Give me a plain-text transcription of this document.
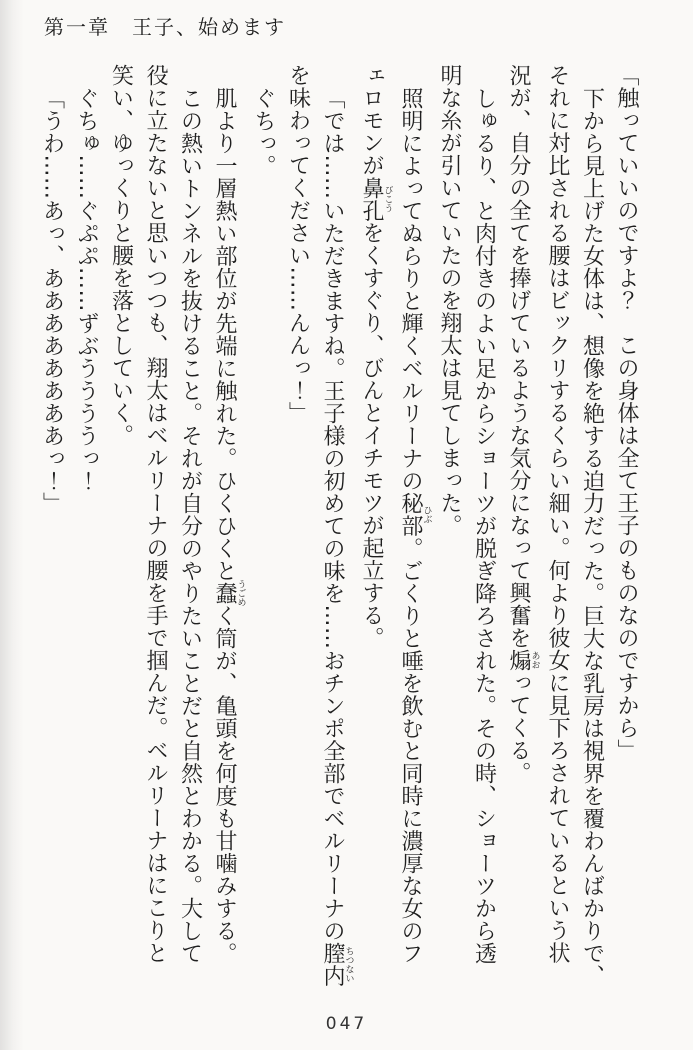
第一章　王子、始めます

「触っていいのですよ？　この身体は全て王子のものなのですから」

下から見上げた女体は、想像を絶する迫力だった。巨大な乳房は視界を覆わんばかりで、

それに対比される腰はビックリするくらい細い。何より彼女に見下ろされているという状

況が、自分の全てを捧げているような気分になって興奮を煽あおってくる。

しゅるり、と肉付きのよい足からショーツが脱ぎ降ろされた。その時、ショーツから透

明な糸が引いていたのを翔太は見てしまった。

照明によってぬらりと輝くベルリーナの秘部ひぶ。ごくりと唾を飲むと同時に濃厚な女のフ

ェロモンが鼻孔びこうをくすぐり、びんとイチモツが起立する。

「では……いただきますね。王子様の初めての味を……おチンポ全部でベルリーナの膣内ちつない

を味わってください……んんっ！」

ぐちっ。

肌より一層熱い部位が先端に触れた。ひくひくと蠢うごめく筒が、亀頭を何度も甘噛みする。

この熱いトンネルを抜けること。それが自分のやりたいことだと自然とわかる。大して

役に立たないと思いつつも、翔太はベルリーナの腰を手で掴んだ。ベルリーナはにこりと

笑い、ゆっくりと腰を落としていく。

ぐちゅ……ぐぷぷ……ずぶううううっ！

「うわ……あっ、ああああああああっ！」

047
